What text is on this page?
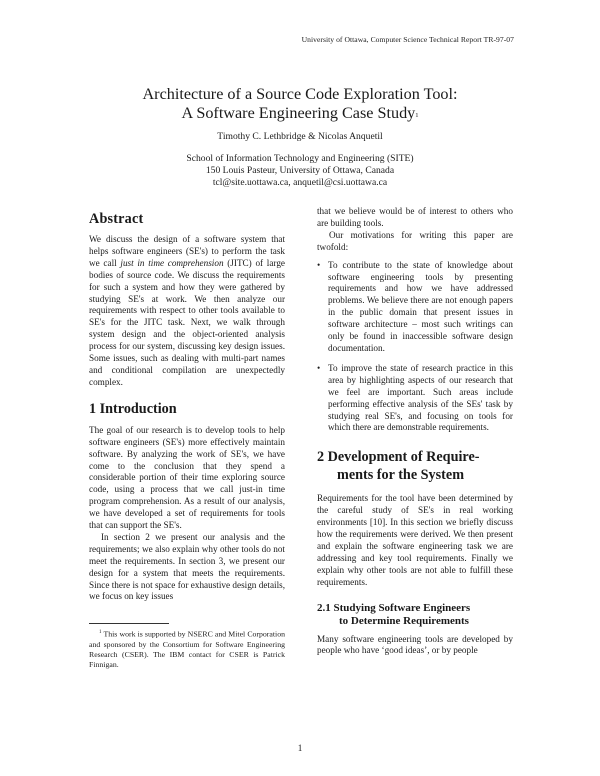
University of Ottawa, Computer Science Technical Report TR-97-07
Architecture of a Source Code Exploration Tool:
A Software Engineering Case Study$^1$
Timothy C. Lethbridge & Nicolas Anquetil
School of Information Technology and Engineering (SITE)
150 Louis Pasteur, University of Ottawa, Canada
tcl@site.uottawa.ca, anquetil@csi.uottawa.ca
Abstract

We discuss the design of a software system that helps software engineers (SE's) to perform the task we call just in time comprehension (JITC) of large bodies of source code. We discuss the requirements for such a system and how they were gathered by studying SE's at work. We then analyze our requirements with respect to other tools available to SE's for the JITC task. Next, we walk through system design and the object-oriented analysis process for our system, discussing key design issues. Some issues, such as dealing with multi-part names and conditional compilation are unexpectedly complex.

1 Introduction

The goal of our research is to develop tools to help software engineers (SE's) more effectively maintain software. By analyzing the work of SE's, we have come to the conclusion that they spend a considerable portion of their time exploring source code, using a process that we call just-in time program comprehension. As a result of our analysis, we have developed a set of requirements for tools that can support the SE's.

In section 2 we present our analysis and the requirements; we also explain why other tools do not meet the requirements. In section 3, we present our design for a system that meets the requirements. Since there is not space for exhaustive design details, we focus on key issues

$^1$ This work is supported by NSERC and Mitel Corporation and sponsored by the Consortium for Software Engineering Research (CSER). The IBM contact for CSER is Patrick Finnigan.

that we believe would be of interest to others who are building tools.

Our motivations for writing this paper are twofold:

• To contribute to the state of knowledge about software engineering tools by presenting requirements and how we have addressed problems. We believe there are not enough papers in the public domain that present issues in software architecture – most such writings can only be found in inaccessible software design documentation.
• To improve the state of research practice in this area by highlighting aspects of our research that we feel are important. Such areas include performing effective analysis of the SEs' task by studying real SE's, and focusing on tools for which there are demonstrable requirements.
2 Development of Require-
ments for the System

Requirements for the tool have been determined by the careful study of SE's in real working environments [10]. In this section we briefly discuss how the requirements were derived. We then present and explain the software engineering task we are addressing and key tool requirements. Finally we explain why other tools are not able to fulfill these requirements.

2.1 Studying Software Engineers
to Determine Requirements

Many software engineering tools are developed by people who have ‘good ideas’, or by people

1
